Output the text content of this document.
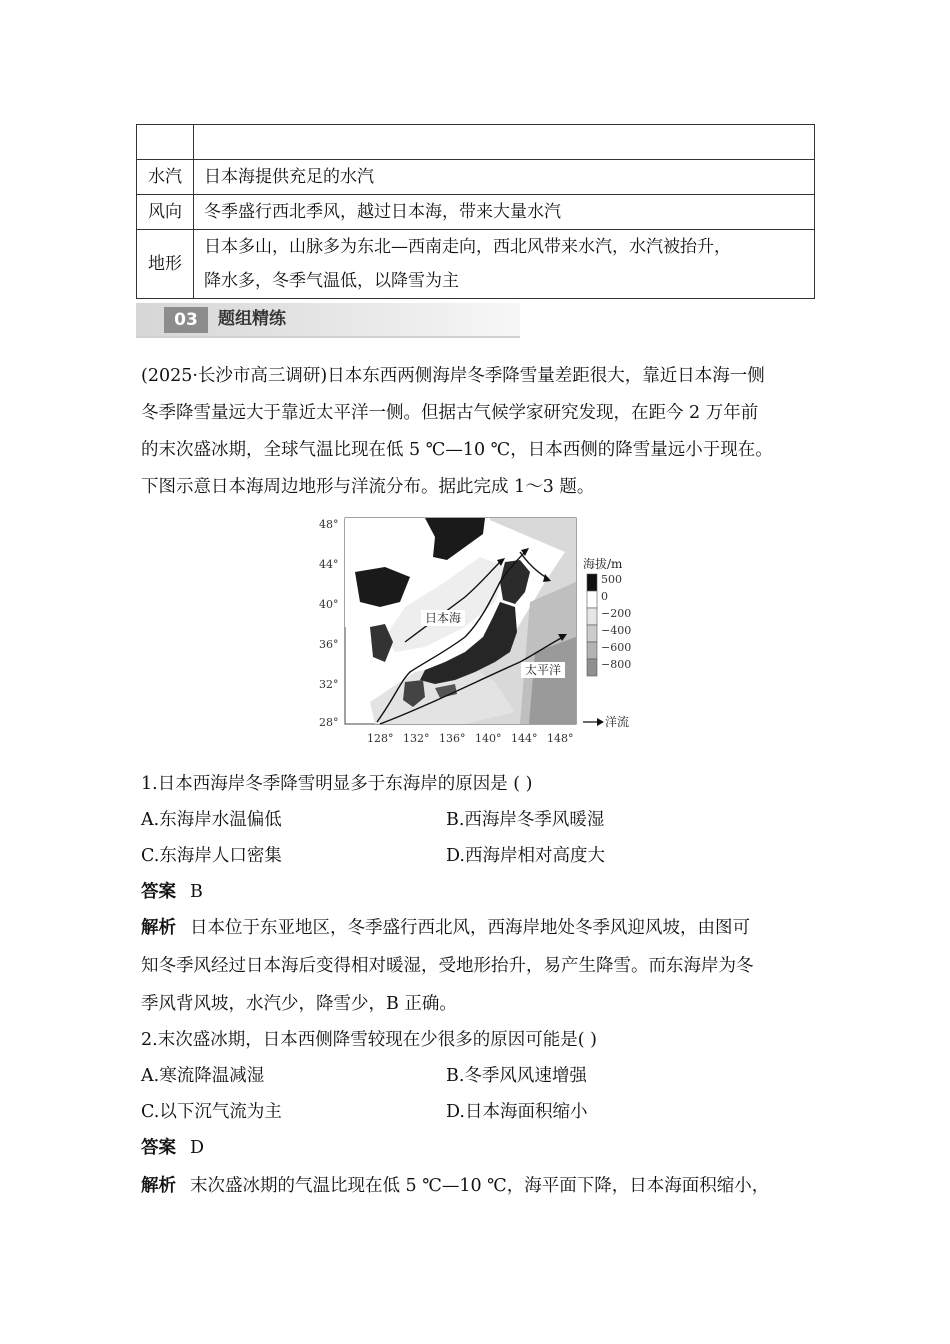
水汽	日本海提供充足的水汽
风向	冬季盛行西北季风，越过日本海，带来大量水汽
地形	日本多山，山脉多为东北—西南走向，西北风带来水汽，水汽被抬升，
降水多，冬季气温低，以降雪为主
03	题组精练
(2025·长沙市高三调研)日本东西两侧海岸冬季降雪量差距很大，靠近日本海一侧
冬季降雪量远大于靠近太平洋一侧。但据古气候学家研究发现，在距今 2 万年前
的末次盛冰期，全球气温比现在低 5 ℃—10 ℃，日本西侧的降雪量远小于现在。
下图示意日本海周边地形与洋流分布。据此完成 1～3 题。
日本海
太平洋
48°
44°
40°
36°
32°
28°
128° 132° 136° 140° 144° 148°
海拔/m
500
0
−200
−400
−600
−800
洋流
1.日本西海岸冬季降雪明显多于东海岸的原因是 ( )
A.东海岸水温偏低	B.西海岸冬季风暖湿
C.东海岸人口密集	D.西海岸相对高度大
答案 B
解析 日本位于东亚地区，冬季盛行西北风，西海岸地处冬季风迎风坡，由图可
知冬季风经过日本海后变得相对暖湿，受地形抬升，易产生降雪。而东海岸为冬
季风背风坡，水汽少，降雪少，B 正确。
2.末次盛冰期，日本西侧降雪较现在少很多的原因可能是( )
A.寒流降温减湿	B.冬季风风速增强
C.以下沉气流为主	D.日本海面积缩小
答案 D
解析 末次盛冰期的气温比现在低 5 ℃—10 ℃，海平面下降，日本海面积缩小，
